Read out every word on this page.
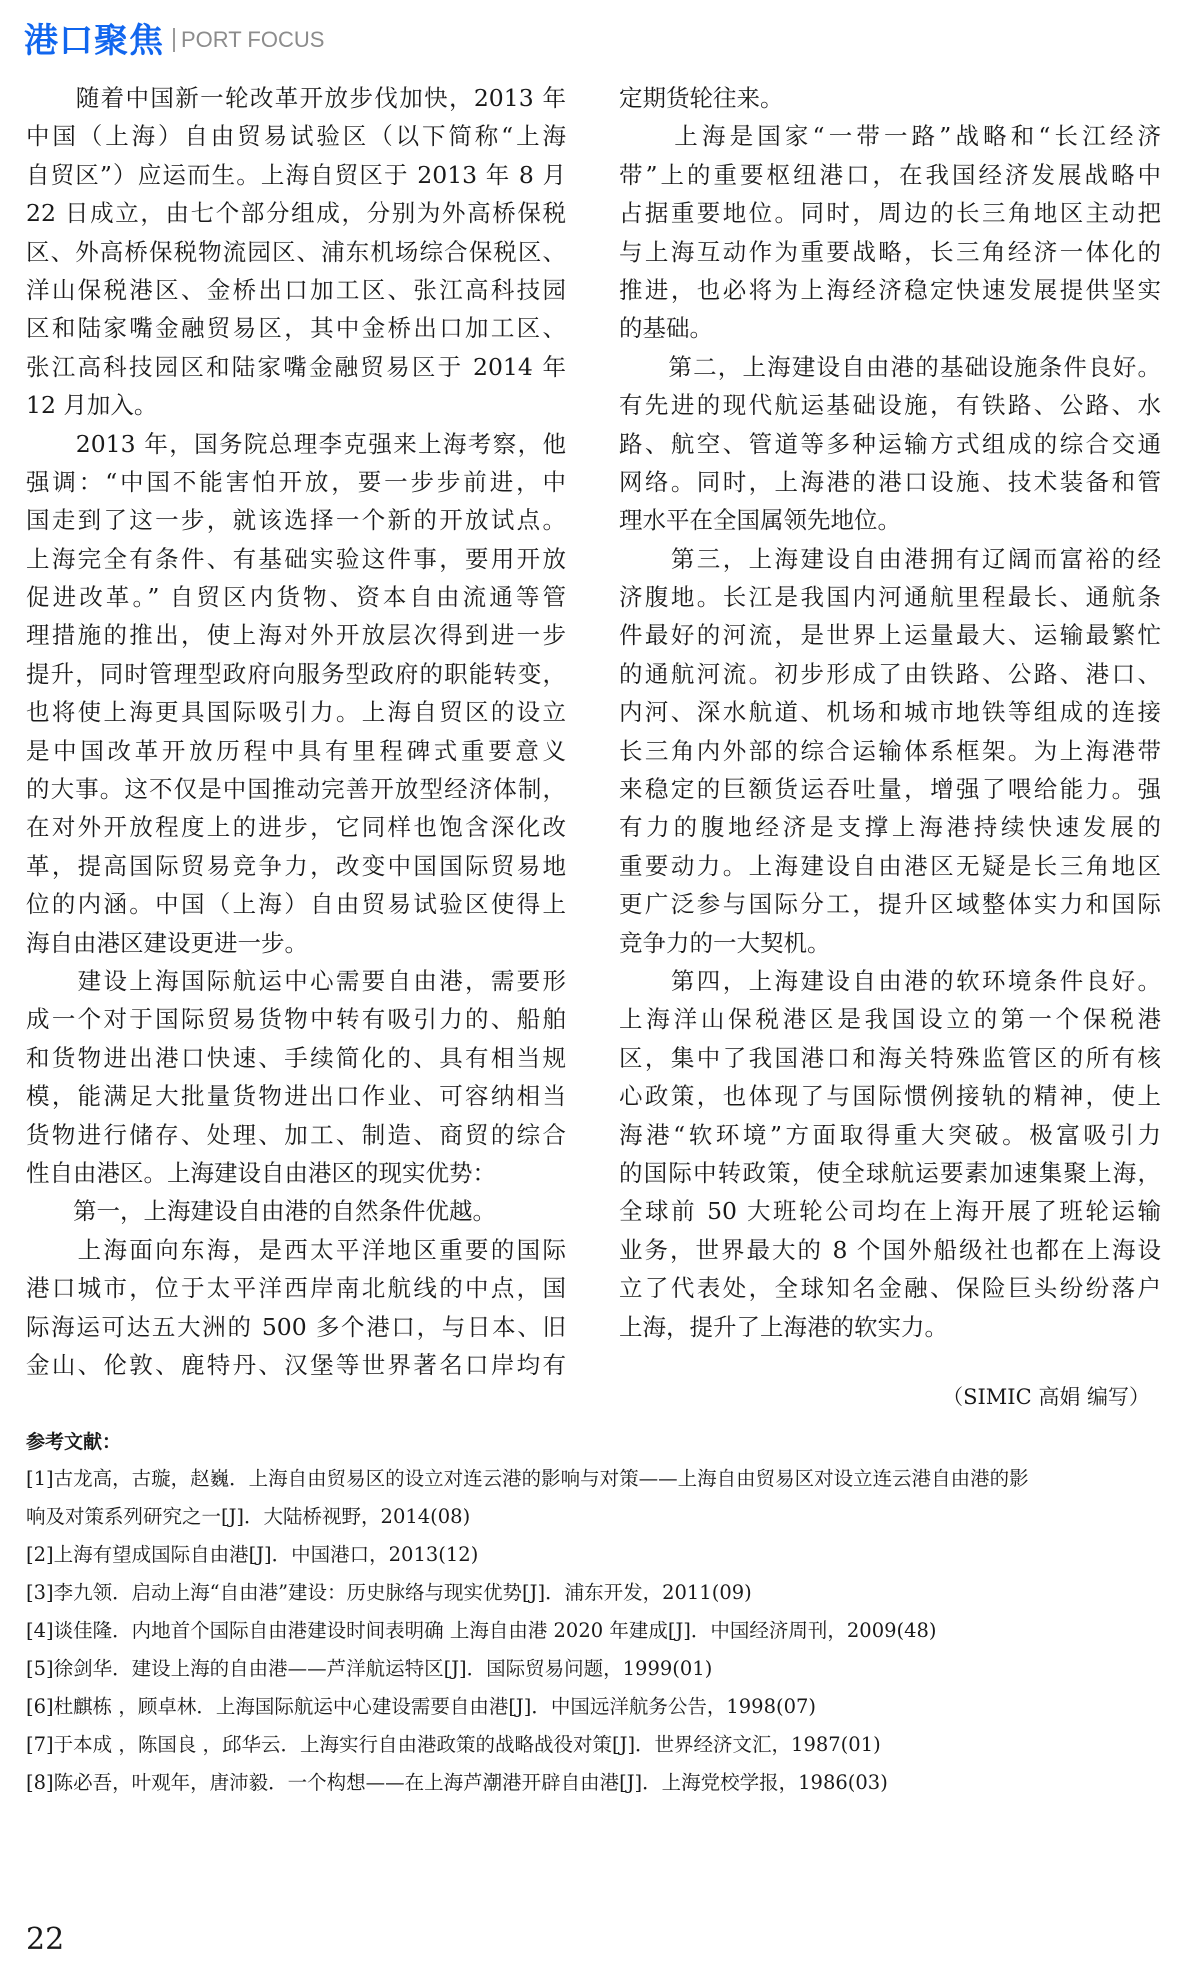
港口聚焦 PORT FOCUS
　　随着中国新一轮改革开放步伐加快，2013 年
中国（上海）自由贸易试验区（以下简称“上海
自贸区”）应运而生。上海自贸区于 2013 年 8 月
22 日成立，由七个部分组成，分别为外高桥保税
区、外高桥保税物流园区、浦东机场综合保税区、
洋山保税港区、金桥出口加工区、张江高科技园
区和陆家嘴金融贸易区，其中金桥出口加工区、
张江高科技园区和陆家嘴金融贸易区于 2014 年
12 月加入。
　　2013 年，国务院总理李克强来上海考察，他
强调：“中国不能害怕开放，要一步步前进，中
国走到了这一步，就该选择一个新的开放试点。
上海完全有条件、有基础实验这件事，要用开放
促进改革。” 自贸区内货物、资本自由流通等管
理措施的推出，使上海对外开放层次得到进一步
提升，同时管理型政府向服务型政府的职能转变，
也将使上海更具国际吸引力。上海自贸区的设立
是中国改革开放历程中具有里程碑式重要意义
的大事。这不仅是中国推动完善开放型经济体制，
在对外开放程度上的进步，它同样也饱含深化改
革，提高国际贸易竞争力，改变中国国际贸易地
位的内涵。中国（上海）自由贸易试验区使得上
海自由港区建设更进一步。
　　建设上海国际航运中心需要自由港，需要形
成一个对于国际贸易货物中转有吸引力的、船舶
和货物进出港口快速、手续简化的、具有相当规
模，能满足大批量货物进出口作业、可容纳相当
货物进行储存、处理、加工、制造、商贸的综合
性自由港区。上海建设自由港区的现实优势：
　　第一，上海建设自由港的自然条件优越。
　　上海面向东海，是西太平洋地区重要的国际
港口城市，位于太平洋西岸南北航线的中点，国
际海运可达五大洲的 500 多个港口，与日本、旧
金山、伦敦、鹿特丹、汉堡等世界著名口岸均有
定期货轮往来。
　　上海是国家“一带一路”战略和“长江经济
带”上的重要枢纽港口，在我国经济发展战略中
占据重要地位。同时，周边的长三角地区主动把
与上海互动作为重要战略，长三角经济一体化的
推进，也必将为上海经济稳定快速发展提供坚实
的基础。
　　第二，上海建设自由港的基础设施条件良好。
有先进的现代航运基础设施，有铁路、公路、水
路、航空、管道等多种运输方式组成的综合交通
网络。同时，上海港的港口设施、技术装备和管
理水平在全国属领先地位。
　　第三，上海建设自由港拥有辽阔而富裕的经
济腹地。长江是我国内河通航里程最长、通航条
件最好的河流，是世界上运量最大、运输最繁忙
的通航河流。初步形成了由铁路、公路、港口、
内河、深水航道、机场和城市地铁等组成的连接
长三角内外部的综合运输体系框架。为上海港带
来稳定的巨额货运吞吐量，增强了喂给能力。强
有力的腹地经济是支撑上海港持续快速发展的
重要动力。上海建设自由港区无疑是长三角地区
更广泛参与国际分工，提升区域整体实力和国际
竞争力的一大契机。
　　第四，上海建设自由港的软环境条件良好。
上海洋山保税港区是我国设立的第一个保税港
区，集中了我国港口和海关特殊监管区的所有核
心政策，也体现了与国际惯例接轨的精神，使上
海港“软环境”方面取得重大突破。极富吸引力
的国际中转政策，使全球航运要素加速集聚上海，
全球前 50 大班轮公司均在上海开展了班轮运输
业务，世界最大的 8 个国外船级社也都在上海设
立了代表处，全球知名金融、保险巨头纷纷落户
上海，提升了上海港的软实力。
（SIMIC 高娟 编写）
参考文献：
[1]古龙高，古璇，赵巍．上海自由贸易区的设立对连云港的影响与对策——上海自由贸易区对设立连云港自由港的影
响及对策系列研究之一[J]．大陆桥视野，2014(08)
[2]上海有望成国际自由港[J]．中国港口，2013(12)
[3]李九领．启动上海“自由港”建设：历史脉络与现实优势[J]．浦东开发，2011(09)
[4]谈佳隆．内地首个国际自由港建设时间表明确 上海自由港 2020 年建成[J]．中国经济周刊，2009(48)
[5]徐剑华．建设上海的自由港——芦洋航运特区[J]．国际贸易问题，1999(01)
[6]杜麒栋 ，顾卓林．上海国际航运中心建设需要自由港[J]．中国远洋航务公告，1998(07)
[7]于本成 ，陈国良 ，邱华云．上海实行自由港政策的战略战役对策[J]．世界经济文汇，1987(01)
[8]陈必吾，叶观年，唐沛毅．一个构想——在上海芦潮港开辟自由港[J]．上海党校学报，1986(03)
22
